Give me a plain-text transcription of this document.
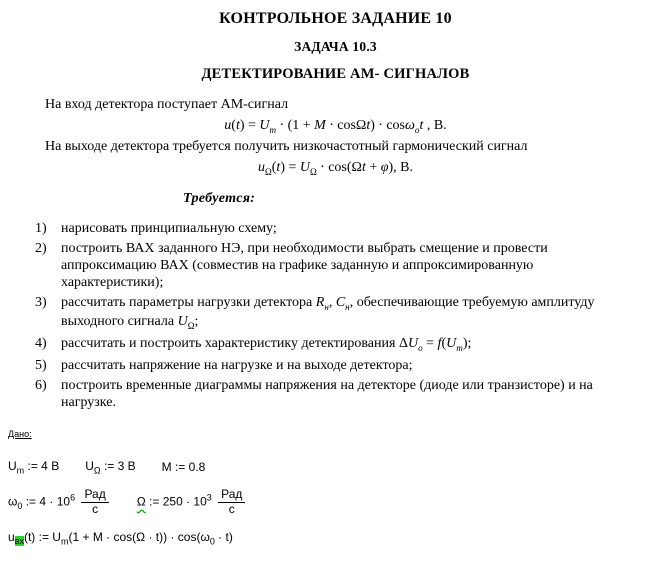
КОНТРОЛЬНОЕ ЗАДАНИЕ 10
ЗАДАЧА 10.3
ДЕТЕКТИРОВАНИЕ АМ- СИГНАЛОВ

На вход детектора поступает АМ-сигнал

$u(t) = U_m \cdot (1 + M \cdot \cos\Omega t) \cdot \cos\omega_ot$ , В.

На выходе детектора требуется получить низкочастотный гармонический сигнал

$u_\Omega(t) = U_\Omega \cdot \cos(\Omega t + \varphi)$, В.
Требуется:
1)	нарисовать принципиальную схему;
2)	построить ВАХ заданного НЭ, при необходимости выбрать смещение и провести аппроксимацию ВАХ (совместив на графике заданную и аппроксимированную характеристики);
3)	рассчитать параметры нагрузки детектора $R_н$, $C_н$, обеспечивающие требуемую амплитуду выходного сигнала $U_\Omega$;
4)	рассчитать и построить характеристику детектирования $\Delta U_o = f(U_m)$;
5)	рассчитать напряжение на нагрузке и на выходе детектора;
6)	построить временные диаграммы напряжения на детекторе (диоде или транзисторе) и на нагрузке.
Дано:
$U_m$ := 4 В $U_\Omega$ := 3 В M := 0.8
$\omega_0$ := $4 \cdot 10^6 \frac{\text{Рад}}{с}$ Ω := $250 \cdot 10^3 \frac{\text{Рад}}{с}$
$u_{вх}(t)$ := $U_m(1 + M \cdot \cos(\Omega \cdot t)) \cdot \cos(\omega_0 \cdot t)$
